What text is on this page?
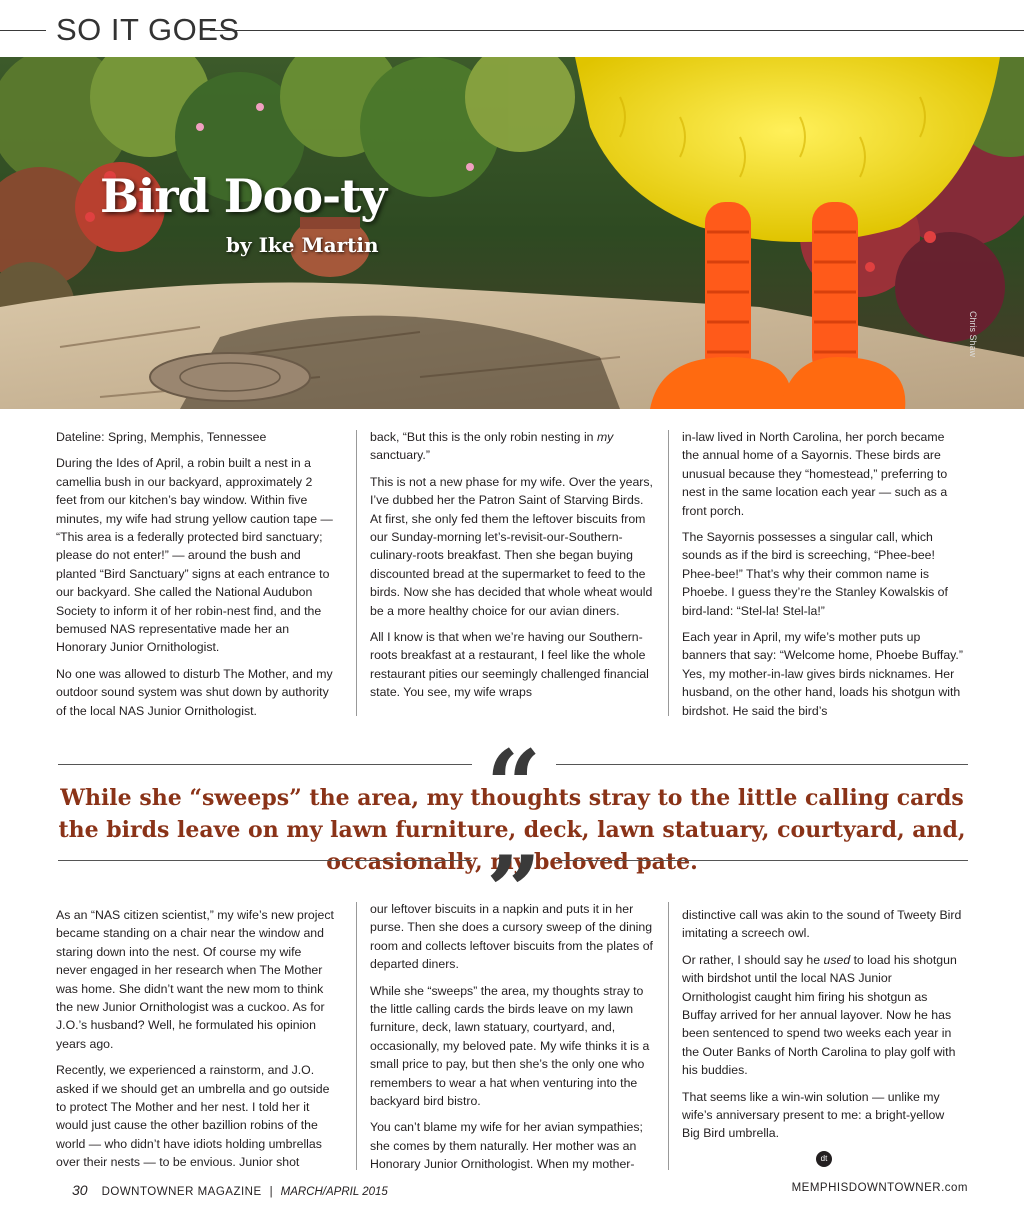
SO IT GOES
Bird Doo-ty
by Ike Martin
Chris Shaw

Dateline: Spring, Memphis, Tennessee

During the Ides of April, a robin built a nest in a camellia bush in our backyard, approximately 2 feet from our kitchen’s bay window. Within five minutes, my wife had strung yellow caution tape — “This area is a federally protected bird sanctuary; please do not enter!” — around the bush and planted “Bird Sanctuary” signs at each entrance to our backyard. She called the National Audubon Society to inform it of her robin-nest find, and the bemused NAS representative made her an Honorary Junior Ornithologist.

No one was allowed to disturb The Mother, and my outdoor sound system was shut down by authority of the local NAS Junior Ornithologist.

back, “But this is the only robin nesting in my sanctuary.”

This is not a new phase for my wife. Over the years, I’ve dubbed her the Patron Saint of Starving Birds. At first, she only fed them the leftover biscuits from our Sunday-morning let’s-revisit-our-Southern-culinary-roots breakfast. Then she began buying discounted bread at the supermarket to feed to the birds. Now she has decided that whole wheat would be a more healthy choice for our avian diners.

All I know is that when we’re having our Southern-roots breakfast at a restaurant, I feel like the whole restaurant pities our seemingly challenged financial state. You see, my wife wraps

in-law lived in North Carolina, her porch became the annual home of a Sayornis. These birds are unusual because they “homestead,” preferring to nest in the same location each year — such as a front porch.

The Sayornis possesses a singular call, which sounds as if the bird is screeching, “Phee-bee! Phee-bee!” That’s why their common name is Phoebe. I guess they’re the Stanley Kowalskis of bird-land: “Stel-la! Stel-la!”

Each year in April, my wife’s mother puts up banners that say: “Welcome home, Phoebe Buffay.” Yes, my mother-in-law gives birds nicknames. Her husband, on the other hand, loads his shotgun with birdshot. He said the bird’s

“
While she “sweeps” the area, my thoughts stray to the little calling cards the birds leave on my lawn furniture, deck, lawn statuary, courtyard, and, occasionally, my beloved pate.
”

As an “NAS citizen scientist,” my wife’s new project became standing on a chair near the window and staring down into the nest. Of course my wife never engaged in her research when The Mother was home. She didn’t want the new mom to think the new Junior Ornithologist was a cuckoo. As for J.O.’s husband? Well, he formulated his opinion years ago.

Recently, we experienced a rainstorm, and J.O. asked if we should get an umbrella and go outside to protect The Mother and her nest. I told her it would just cause the other bazillion robins of the world — who didn’t have idiots holding umbrellas over their nests — to be envious. Junior shot

our leftover biscuits in a napkin and puts it in her purse. Then she does a cursory sweep of the dining room and collects leftover biscuits from the plates of departed diners.

While she “sweeps” the area, my thoughts stray to the little calling cards the birds leave on my lawn furniture, deck, lawn statuary, courtyard, and, occasionally, my beloved pate. My wife thinks it is a small price to pay, but then she’s the only one who remembers to wear a hat when venturing into the backyard bird bistro.

You can’t blame my wife for her avian sympathies; she comes by them naturally. Her mother was an Honorary Junior Ornithologist. When my mother-

distinctive call was akin to the sound of Tweety Bird imitating a screech owl.

Or rather, I should say he used to load his shotgun with birdshot until the local NAS Junior Ornithologist caught him firing his shotgun as Buffay arrived for her annual layover. Now he has been sentenced to spend two weeks each year in the Outer Banks of North Carolina to play golf with his buddies.

That seems like a win-win solution — unlike my wife’s anniversary present to me: a bright-yellow Big Bird umbrella.

dt
30 DOWNTOWNER MAGAZINE | MARCH/APRIL 2015	MEMPHISDOWNTOWNER.com
